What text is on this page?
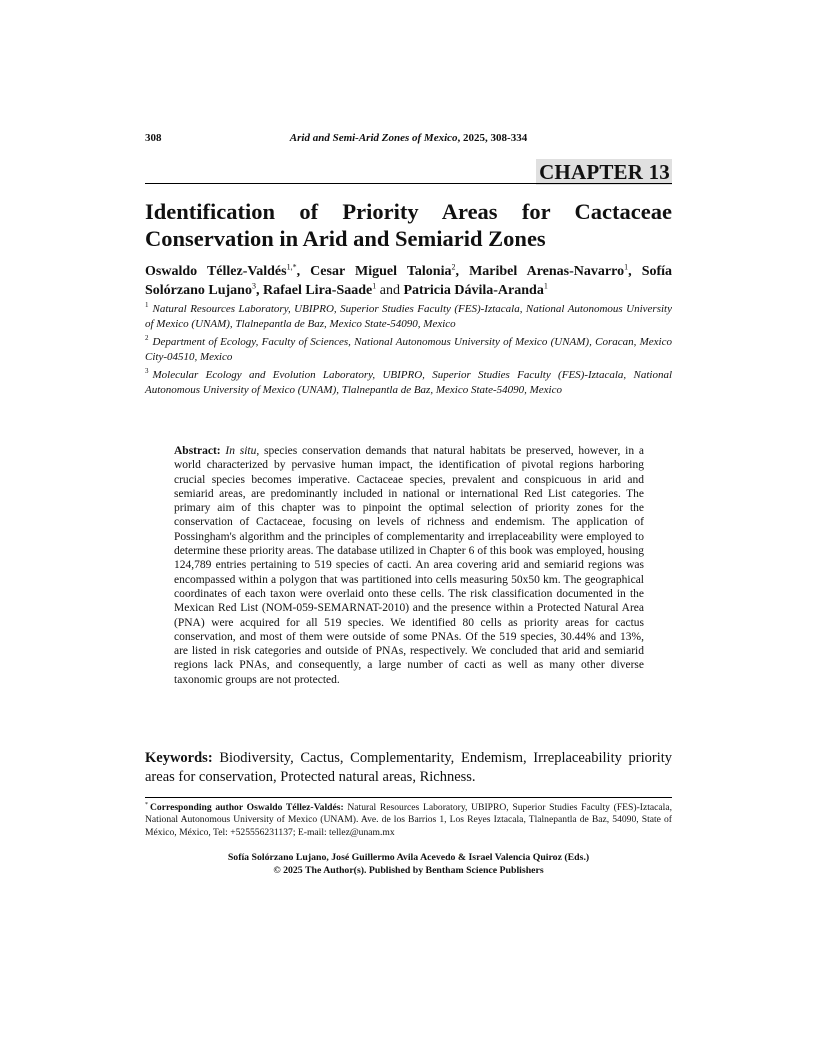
308	Arid and Semi-Arid Zones of Mexico, 2025, 308-334
CHAPTER 13
Identification of Priority Areas for Cactaceae Conservation in Arid and Semiarid Zones

Oswaldo Téllez-Valdés$^{1,*}$, Cesar Miguel Talonia$^2$, Maribel Arenas-Navarro$^1$, Sofía Solórzano Lujano$^3$, Rafael Lira-Saade$^1$ and Patricia Dávila-Aranda$^1$

$^1$ Natural Resources Laboratory, UBIPRO, Superior Studies Faculty (FES)-Iztacala, National Autonomous University of Mexico (UNAM), Tlalnepantla de Baz, Mexico State-54090, Mexico

$^2$ Department of Ecology, Faculty of Sciences, National Autonomous University of Mexico (UNAM), Coracan, Mexico City-04510, Mexico

$^3$ Molecular Ecology and Evolution Laboratory, UBIPRO, Superior Studies Faculty (FES)-Iztacala, National Autonomous University of Mexico (UNAM), Tlalnepantla de Baz, Mexico State-54090, Mexico

Abstract: In situ, species conservation demands that natural habitats be preserved, however, in a world characterized by pervasive human impact, the identification of pivotal regions harboring crucial species becomes imperative. Cactaceae species, prevalent and conspicuous in arid and semiarid areas, are predominantly included in national or international Red List categories. The primary aim of this chapter was to pinpoint the optimal selection of priority zones for the conservation of Cactaceae, focusing on levels of richness and endemism. The application of Possingham's algorithm and the principles of complementarity and irreplaceability were employed to determine these priority areas. The database utilized in Chapter 6 of this book was employed, housing 124,789 entries pertaining to 519 species of cacti. An area covering arid and semiarid regions was encompassed within a polygon that was partitioned into cells measuring 50x50 km. The geographical coordinates of each taxon were overlaid onto these cells. The risk classification documented in the Mexican Red List (NOM-059-SEMARNAT-2010) and the presence within a Protected Natural Area (PNA) were acquired for all 519 species. We identified 80 cells as priority areas for cactus conservation, and most of them were outside of some PNAs. Of the 519 species, 30.44% and 13%, are listed in risk categories and outside of PNAs, respectively. We concluded that arid and semiarid regions lack PNAs, and consequently, a large number of cacti as well as many other diverse taxonomic groups are not protected.

Keywords: Biodiversity, Cactus, Complementarity, Endemism, Irreplaceability priority areas for conservation, Protected natural areas, Richness.

* Corresponding author Oswaldo Téllez-Valdés: Natural Resources Laboratory, UBIPRO, Superior Studies Faculty (FES)-Iztacala, National Autonomous University of Mexico (UNAM). Ave. de los Barrios 1, Los Reyes Iztacala, Tlalnepantla de Baz, 54090, State of México, México, Tel: +525556231137; E-mail: tellez@unam.mx

Sofía Solórzano Lujano, José Guillermo Avila Acevedo & Israel Valencia Quiroz (Eds.)
© 2025 The Author(s). Published by Bentham Science Publishers
